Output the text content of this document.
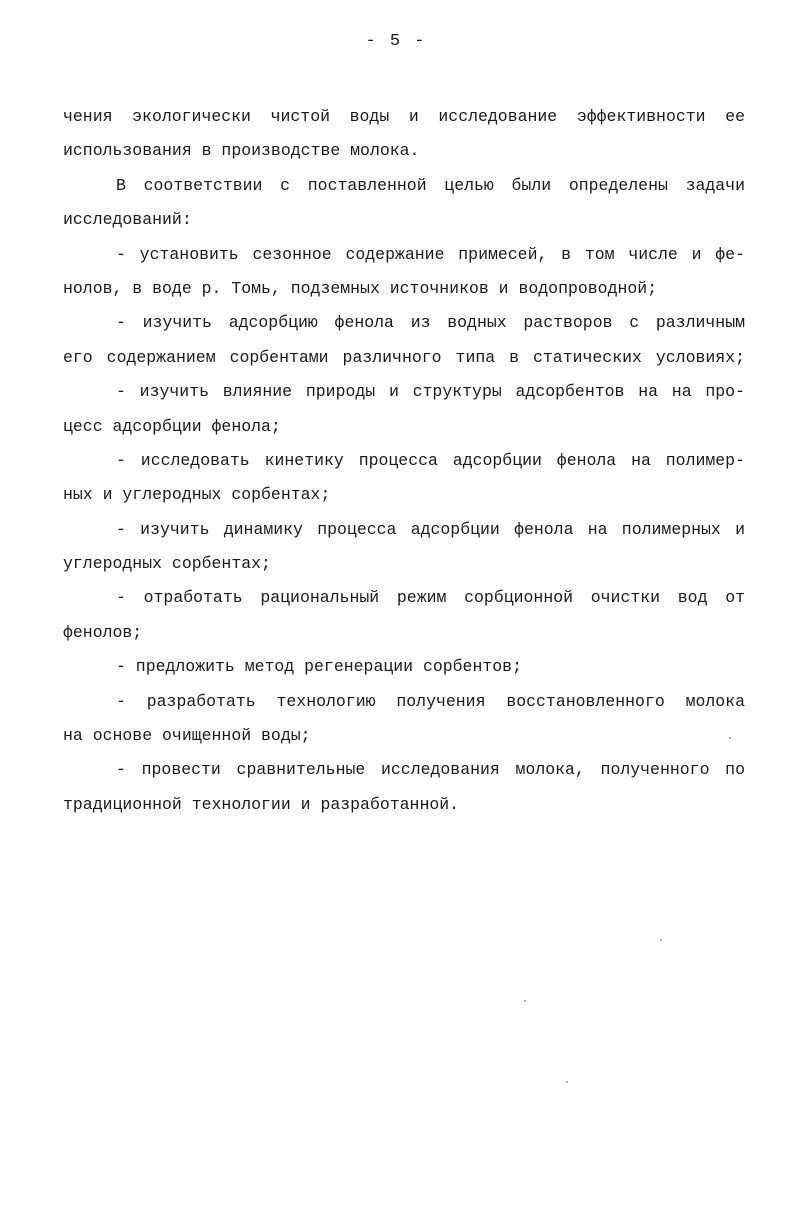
- 5 -
чения экологически чистой воды и исследование эффективности ее
использования в производстве молока.
В соответствии с поставленной целью были определены задачи
исследований:
- установить сезонное содержание примесей, в том числе и фе-
нолов, в воде р. Томь, подземных источников и водопроводной;
- изучить адсорбцию фенола из водных растворов с различным
его содержанием сорбентами различного типа в статических условиях;
- изучить влияние природы и структуры адсорбентов на на про-
цесс адсорбции фенола;
- исследовать кинетику процесса адсорбции фенола на полимер-
ных и углеродных сорбентах;
- изучить динамику процесса адсорбции фенола на полимерных и
углеродных сорбентах;
- отработать рациональный режим сорбционной очистки вод от
фенолов;
- предложить метод регенерации сорбентов;
- разработать технологию получения восстановленного молока
на основе очищенной воды;
- провести сравнительные исследования молока, полученного по
традиционной технологии и разработанной.
